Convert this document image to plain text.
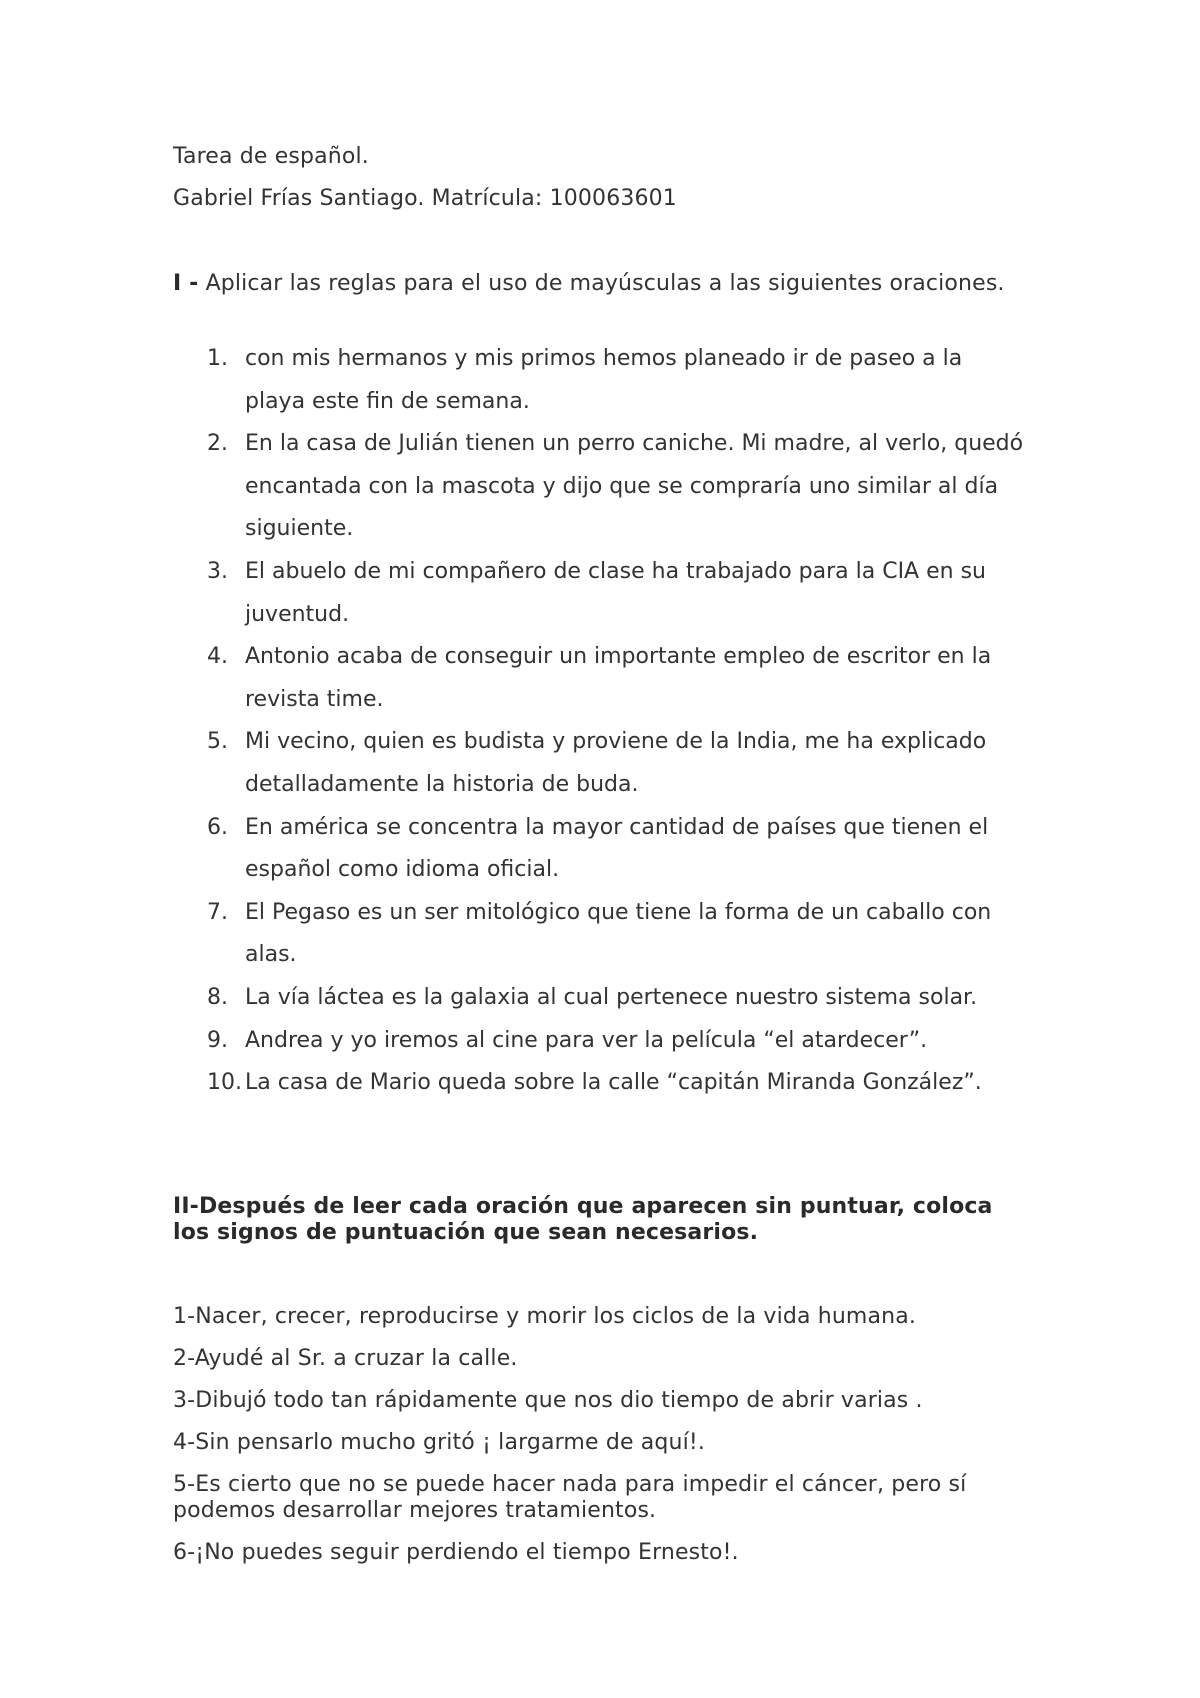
Tarea de español.
Gabriel Frías Santiago. Matrícula: 100063601
I - Aplicar las reglas para el uso de mayúsculas a las siguientes oraciones.
1. con mis hermanos y mis primos hemos planeado ir de paseo a la
playa este fin de semana.
2. En la casa de Julián tienen un perro caniche. Mi madre, al verlo, quedó
encantada con la mascota y dijo que se compraría uno similar al día
siguiente.
3. El abuelo de mi compañero de clase ha trabajado para la CIA en su
juventud.
4. Antonio acaba de conseguir un importante empleo de escritor en la
revista time.
5. Mi vecino, quien es budista y proviene de la India, me ha explicado
detalladamente la historia de buda.
6. En américa se concentra la mayor cantidad de países que tienen el
español como idioma oficial.
7. El Pegaso es un ser mitológico que tiene la forma de un caballo con
alas.
8. La vía láctea es la galaxia al cual pertenece nuestro sistema solar.
9. Andrea y yo iremos al cine para ver la película “el atardecer”.
10. La casa de Mario queda sobre la calle “capitán Miranda González”.
II-Después de leer cada oración que aparecen sin puntuar, coloca
los signos de puntuación que sean necesarios.
1-Nacer, crecer, reproducirse y morir los ciclos de la vida humana.
2-Ayudé al Sr. a cruzar la calle.
3-Dibujó todo tan rápidamente que nos dio tiempo de abrir varias .
4-Sin pensarlo mucho gritó ¡ largarme de aquí!.
5-Es cierto que no se puede hacer nada para impedir el cáncer, pero sí
podemos desarrollar mejores tratamientos.
6-¡No puedes seguir perdiendo el tiempo Ernesto!.
